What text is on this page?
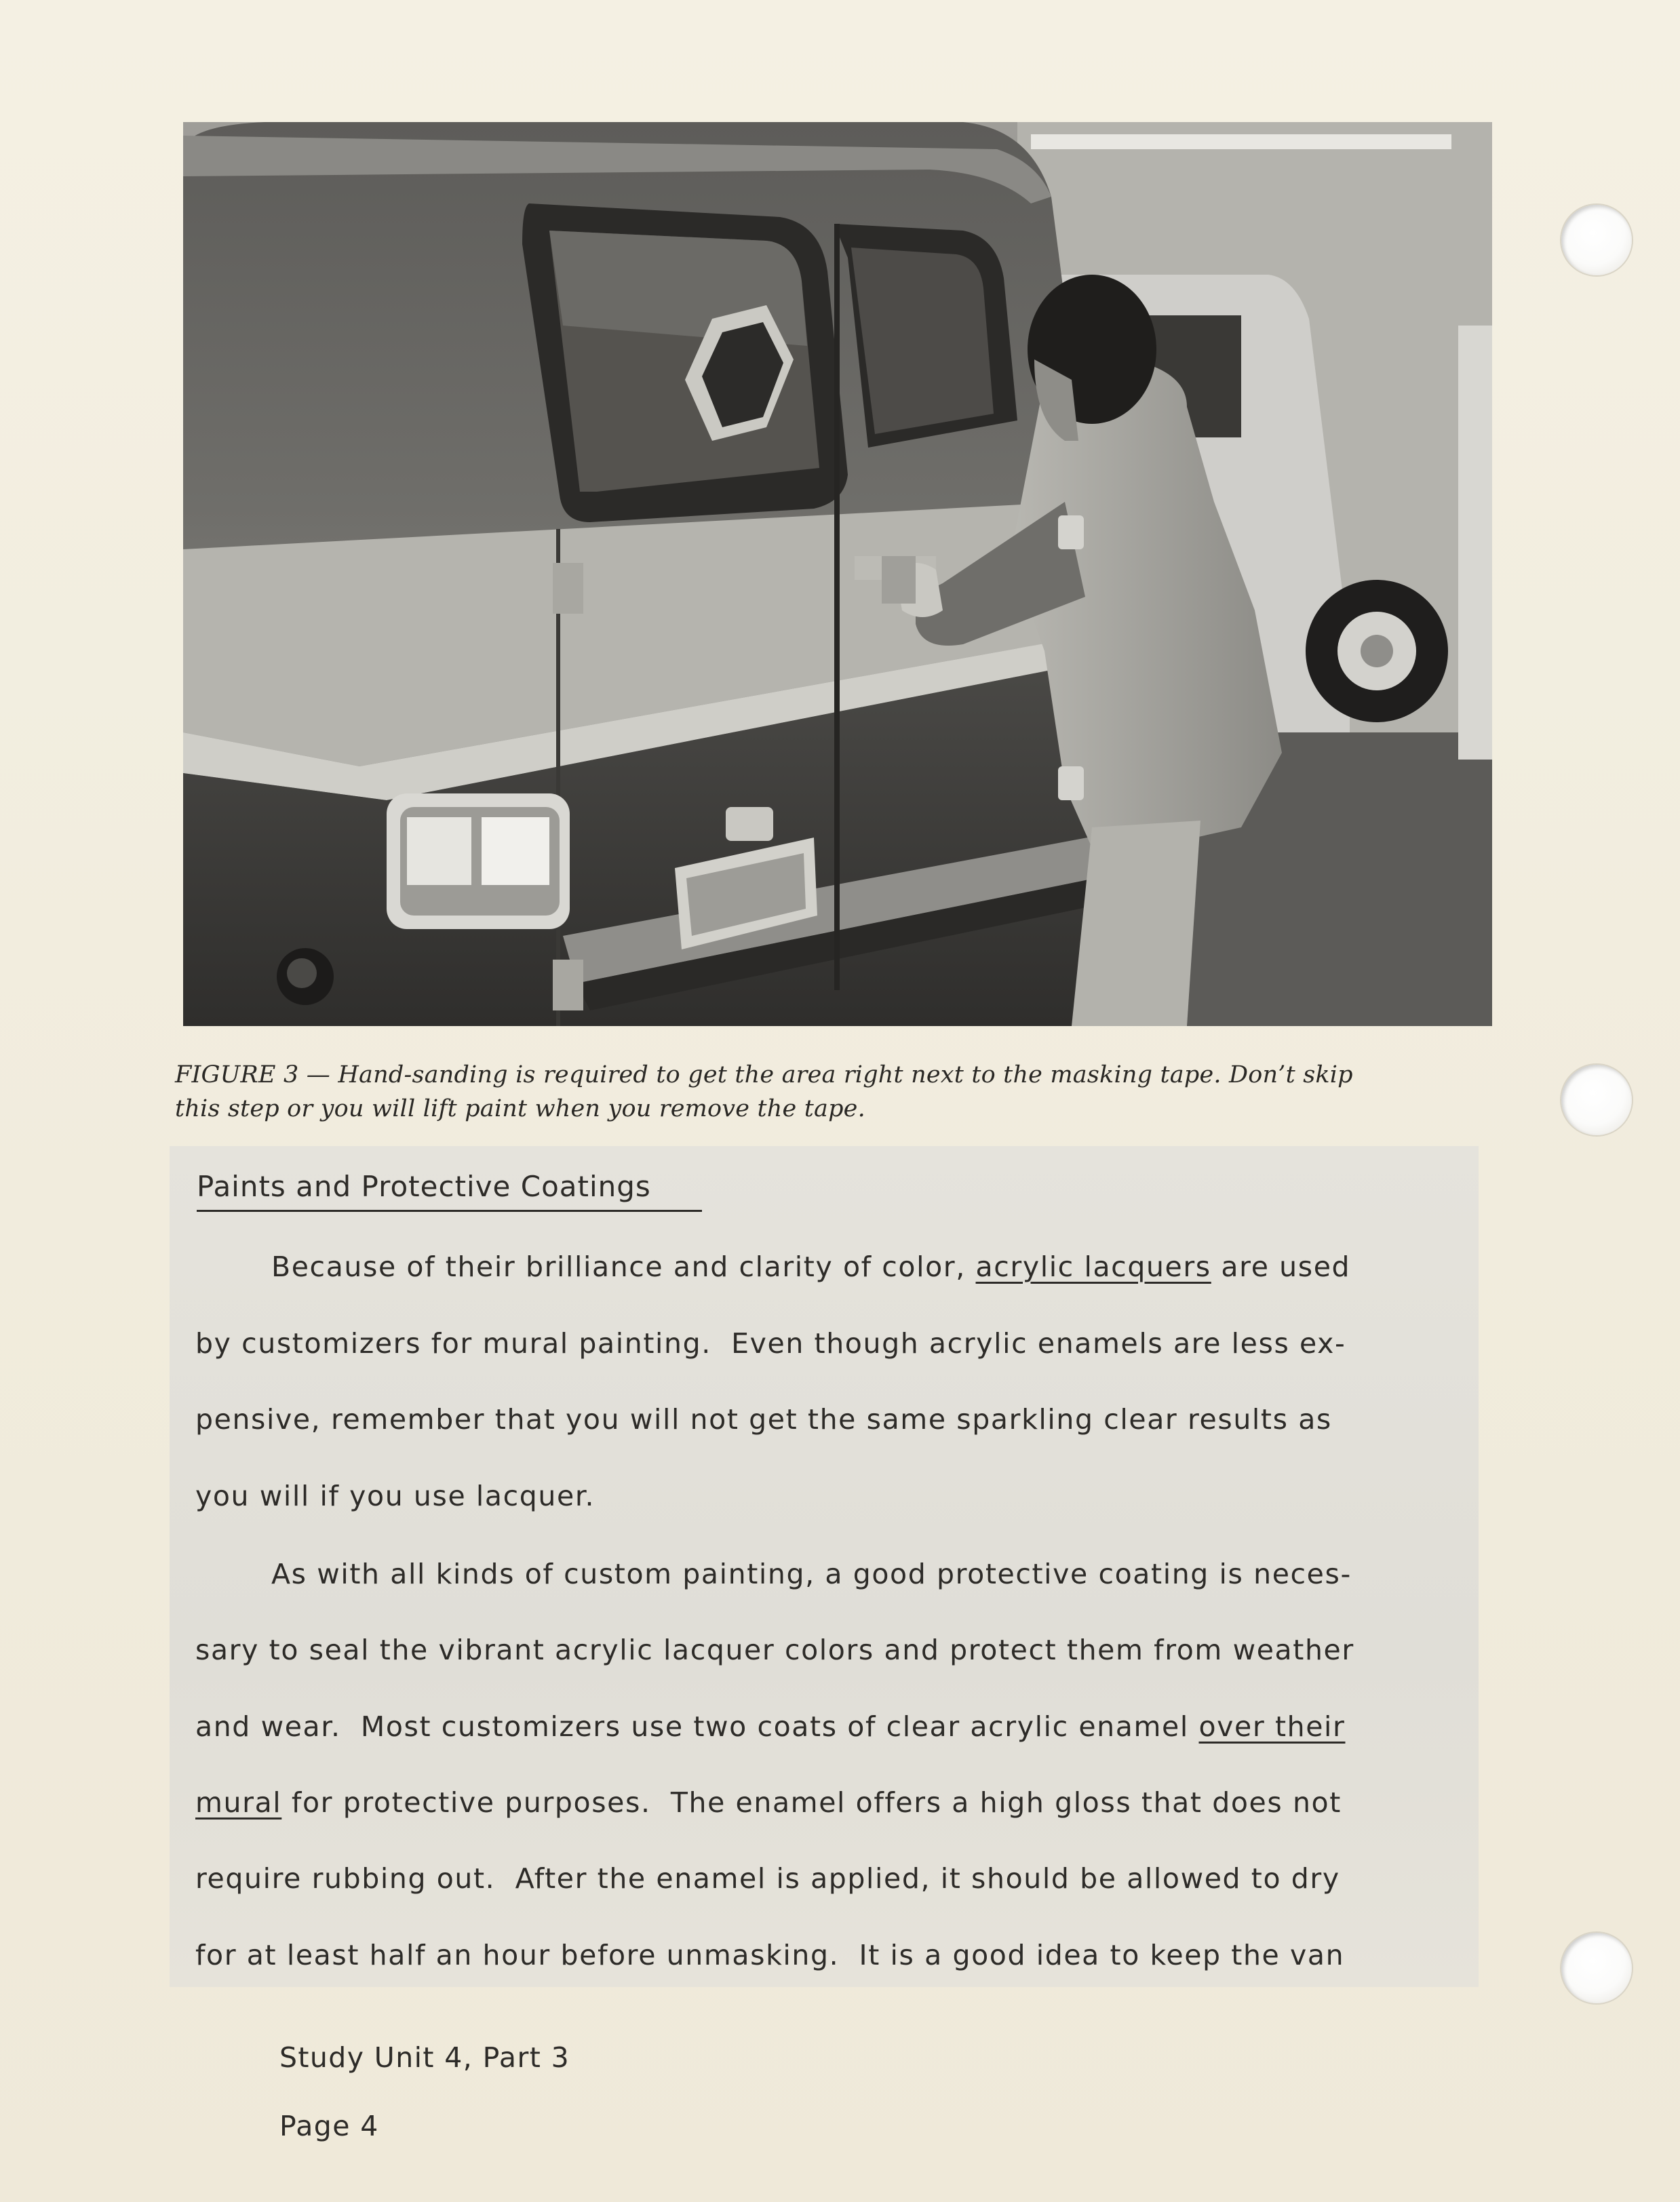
FIGURE 3 — Hand-sanding is required to get the area right next to the masking tape. Don’t skip
this step or you will lift paint when you remove the tape.
Paints and Protective Coatings
Because of their brilliance and clarity of color, acrylic lacquers are used
by customizers for mural painting.  Even though acrylic enamels are less ex-
pensive, remember that you will not get the same sparkling clear results as
you will if you use lacquer.
As with all kinds of custom painting, a good protective coating is neces-
sary to seal the vibrant acrylic lacquer colors and protect them from weather
and wear.  Most customizers use two coats of clear acrylic enamel over their
mural for protective purposes.  The enamel offers a high gloss that does not
require rubbing out.  After the enamel is applied, it should be allowed to dry
for at least half an hour before unmasking.  It is a good idea to keep the van
Study Unit 4, Part 3
Page 4
